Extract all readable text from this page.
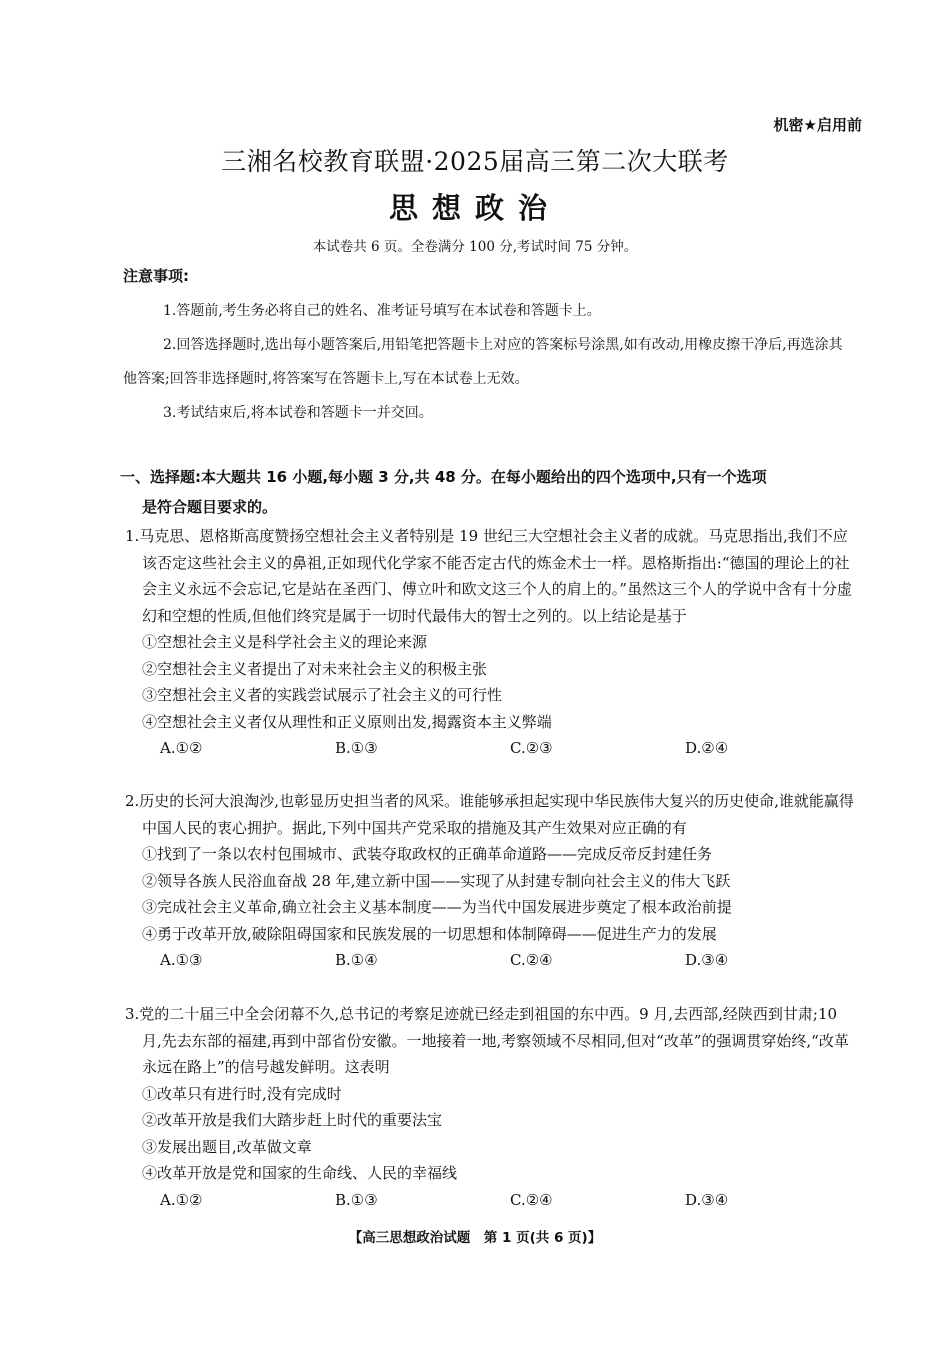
机密★启用前
三湘名校教育联盟·2025届高三第二次大联考
思想政治
本试卷共 6 页。全卷满分 100 分,考试时间 75 分钟。
注意事项:

1.答题前,考生务必将自己的姓名、准考证号填写在本试卷和答题卡上。

2.回答选择题时,选出每小题答案后,用铅笔把答题卡上对应的答案标号涂黑,如有改动,用橡皮擦干净后,再选涂其他答案;回答非选择题时,将答案写在答题卡上,写在本试卷上无效。

3.考试结束后,将本试卷和答题卡一并交回。

一、选择题:本大题共 16 小题,每小题 3 分,共 48 分。在每小题给出的四个选项中,只有一个选项
是符合题目要求的。

1.马克思、恩格斯高度赞扬空想社会主义者特别是 19 世纪三大空想社会主义者的成就。马克思指出,我们不应该否定这些社会主义的鼻祖,正如现代化学家不能否定古代的炼金术士一样。恩格斯指出:“德国的理论上的社会主义永远不会忘记,它是站在圣西门、傅立叶和欧文这三个人的肩上的。”虽然这三个人的学说中含有十分虚幻和空想的性质,但他们终究是属于一切时代最伟大的智士之列的。以上结论是基于

①空想社会主义是科学社会主义的理论来源

②空想社会主义者提出了对未来社会主义的积极主张

③空想社会主义者的实践尝试展示了社会主义的可行性

④空想社会主义者仅从理性和正义原则出发,揭露资本主义弊端

A.①②	B.①③	C.②③	D.②④

2.历史的长河大浪淘沙,也彰显历史担当者的风采。谁能够承担起实现中华民族伟大复兴的历史使命,谁就能赢得中国人民的衷心拥护。据此,下列中国共产党采取的措施及其产生效果对应正确的有

①找到了一条以农村包围城市、武装夺取政权的正确革命道路——完成反帝反封建任务

②领导各族人民浴血奋战 28 年,建立新中国——实现了从封建专制向社会主义的伟大飞跃

③完成社会主义革命,确立社会主义基本制度——为当代中国发展进步奠定了根本政治前提

④勇于改革开放,破除阻碍国家和民族发展的一切思想和体制障碍——促进生产力的发展

A.①③	B.①④	C.②④	D.③④

3.党的二十届三中全会闭幕不久,总书记的考察足迹就已经走到祖国的东中西。9 月,去西部,经陕西到甘肃;10 月,先去东部的福建,再到中部省份安徽。一地接着一地,考察领域不尽相同,但对“改革”的强调贯穿始终,“改革永远在路上”的信号越发鲜明。这表明

①改革只有进行时,没有完成时

②改革开放是我们大踏步赶上时代的重要法宝

③发展出题目,改革做文章

④改革开放是党和国家的生命线、人民的幸福线

A.①②	B.①③	C.②④	D.③④
【高三思想政治试题　第 1 页(共 6 页)】
